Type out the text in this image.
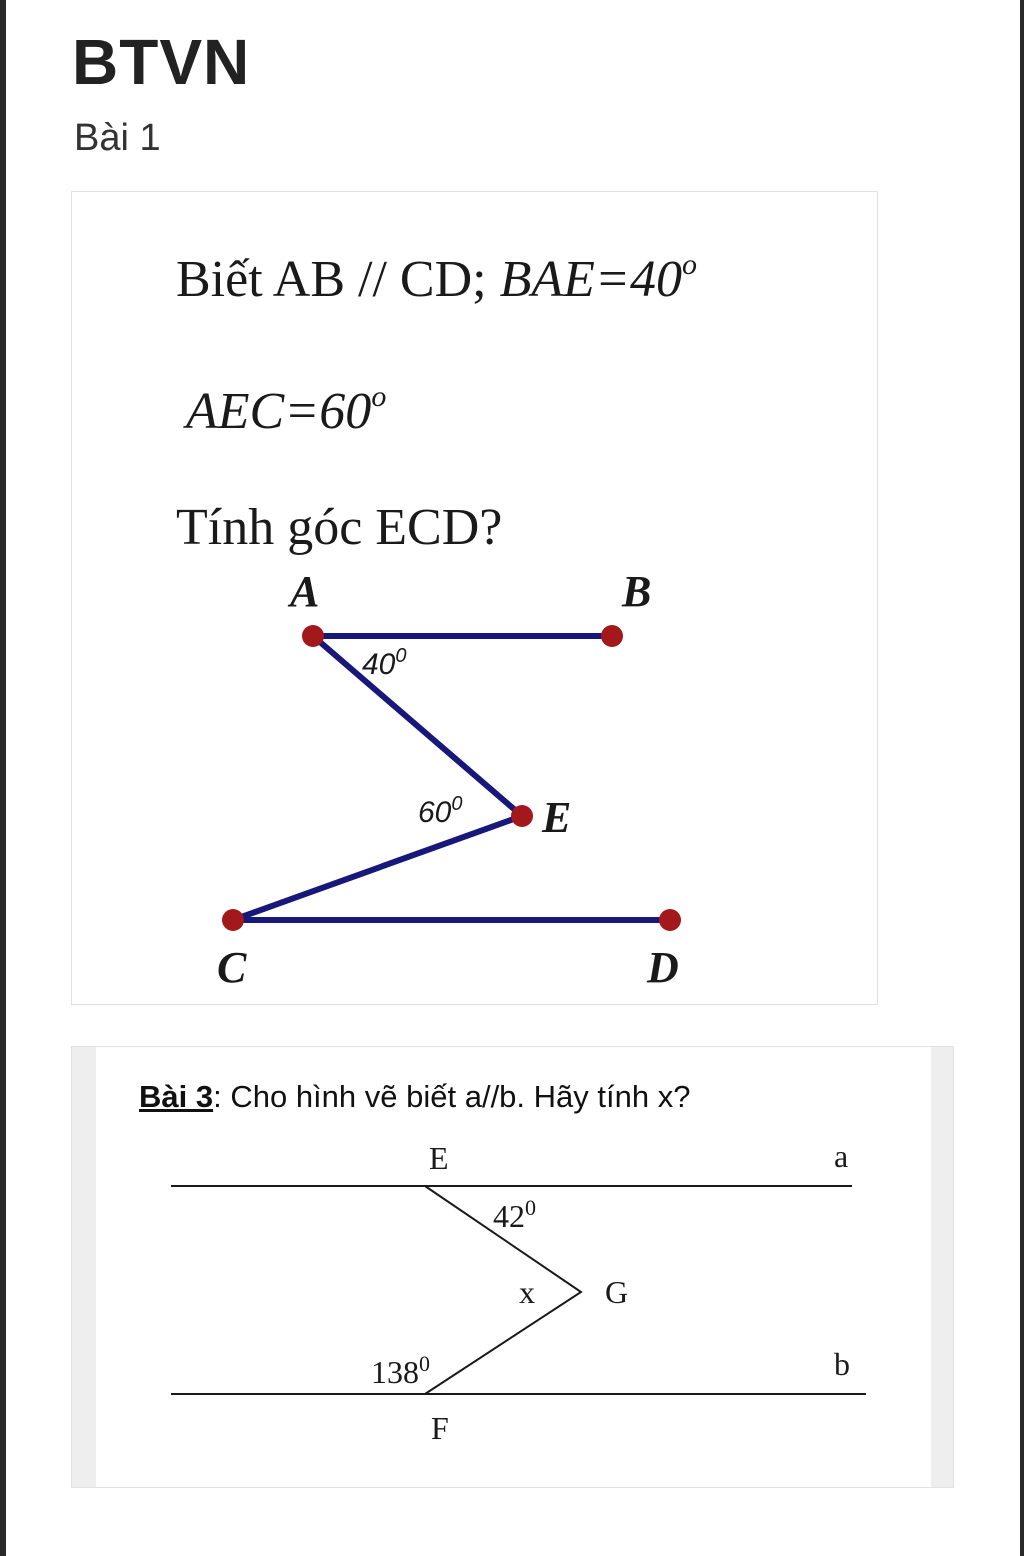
BTVN
Bài 1
Biết AB // CD; $BAE=40^o$
$AEC=60^o$
Tính góc ECD?
A	B
E
C	D
$40^0$
$60^0$
Bài 3: Cho hình vẽ biết a//b. Hãy tính x?
E
F
G
a
b
x
$42^0$
$138^0$
